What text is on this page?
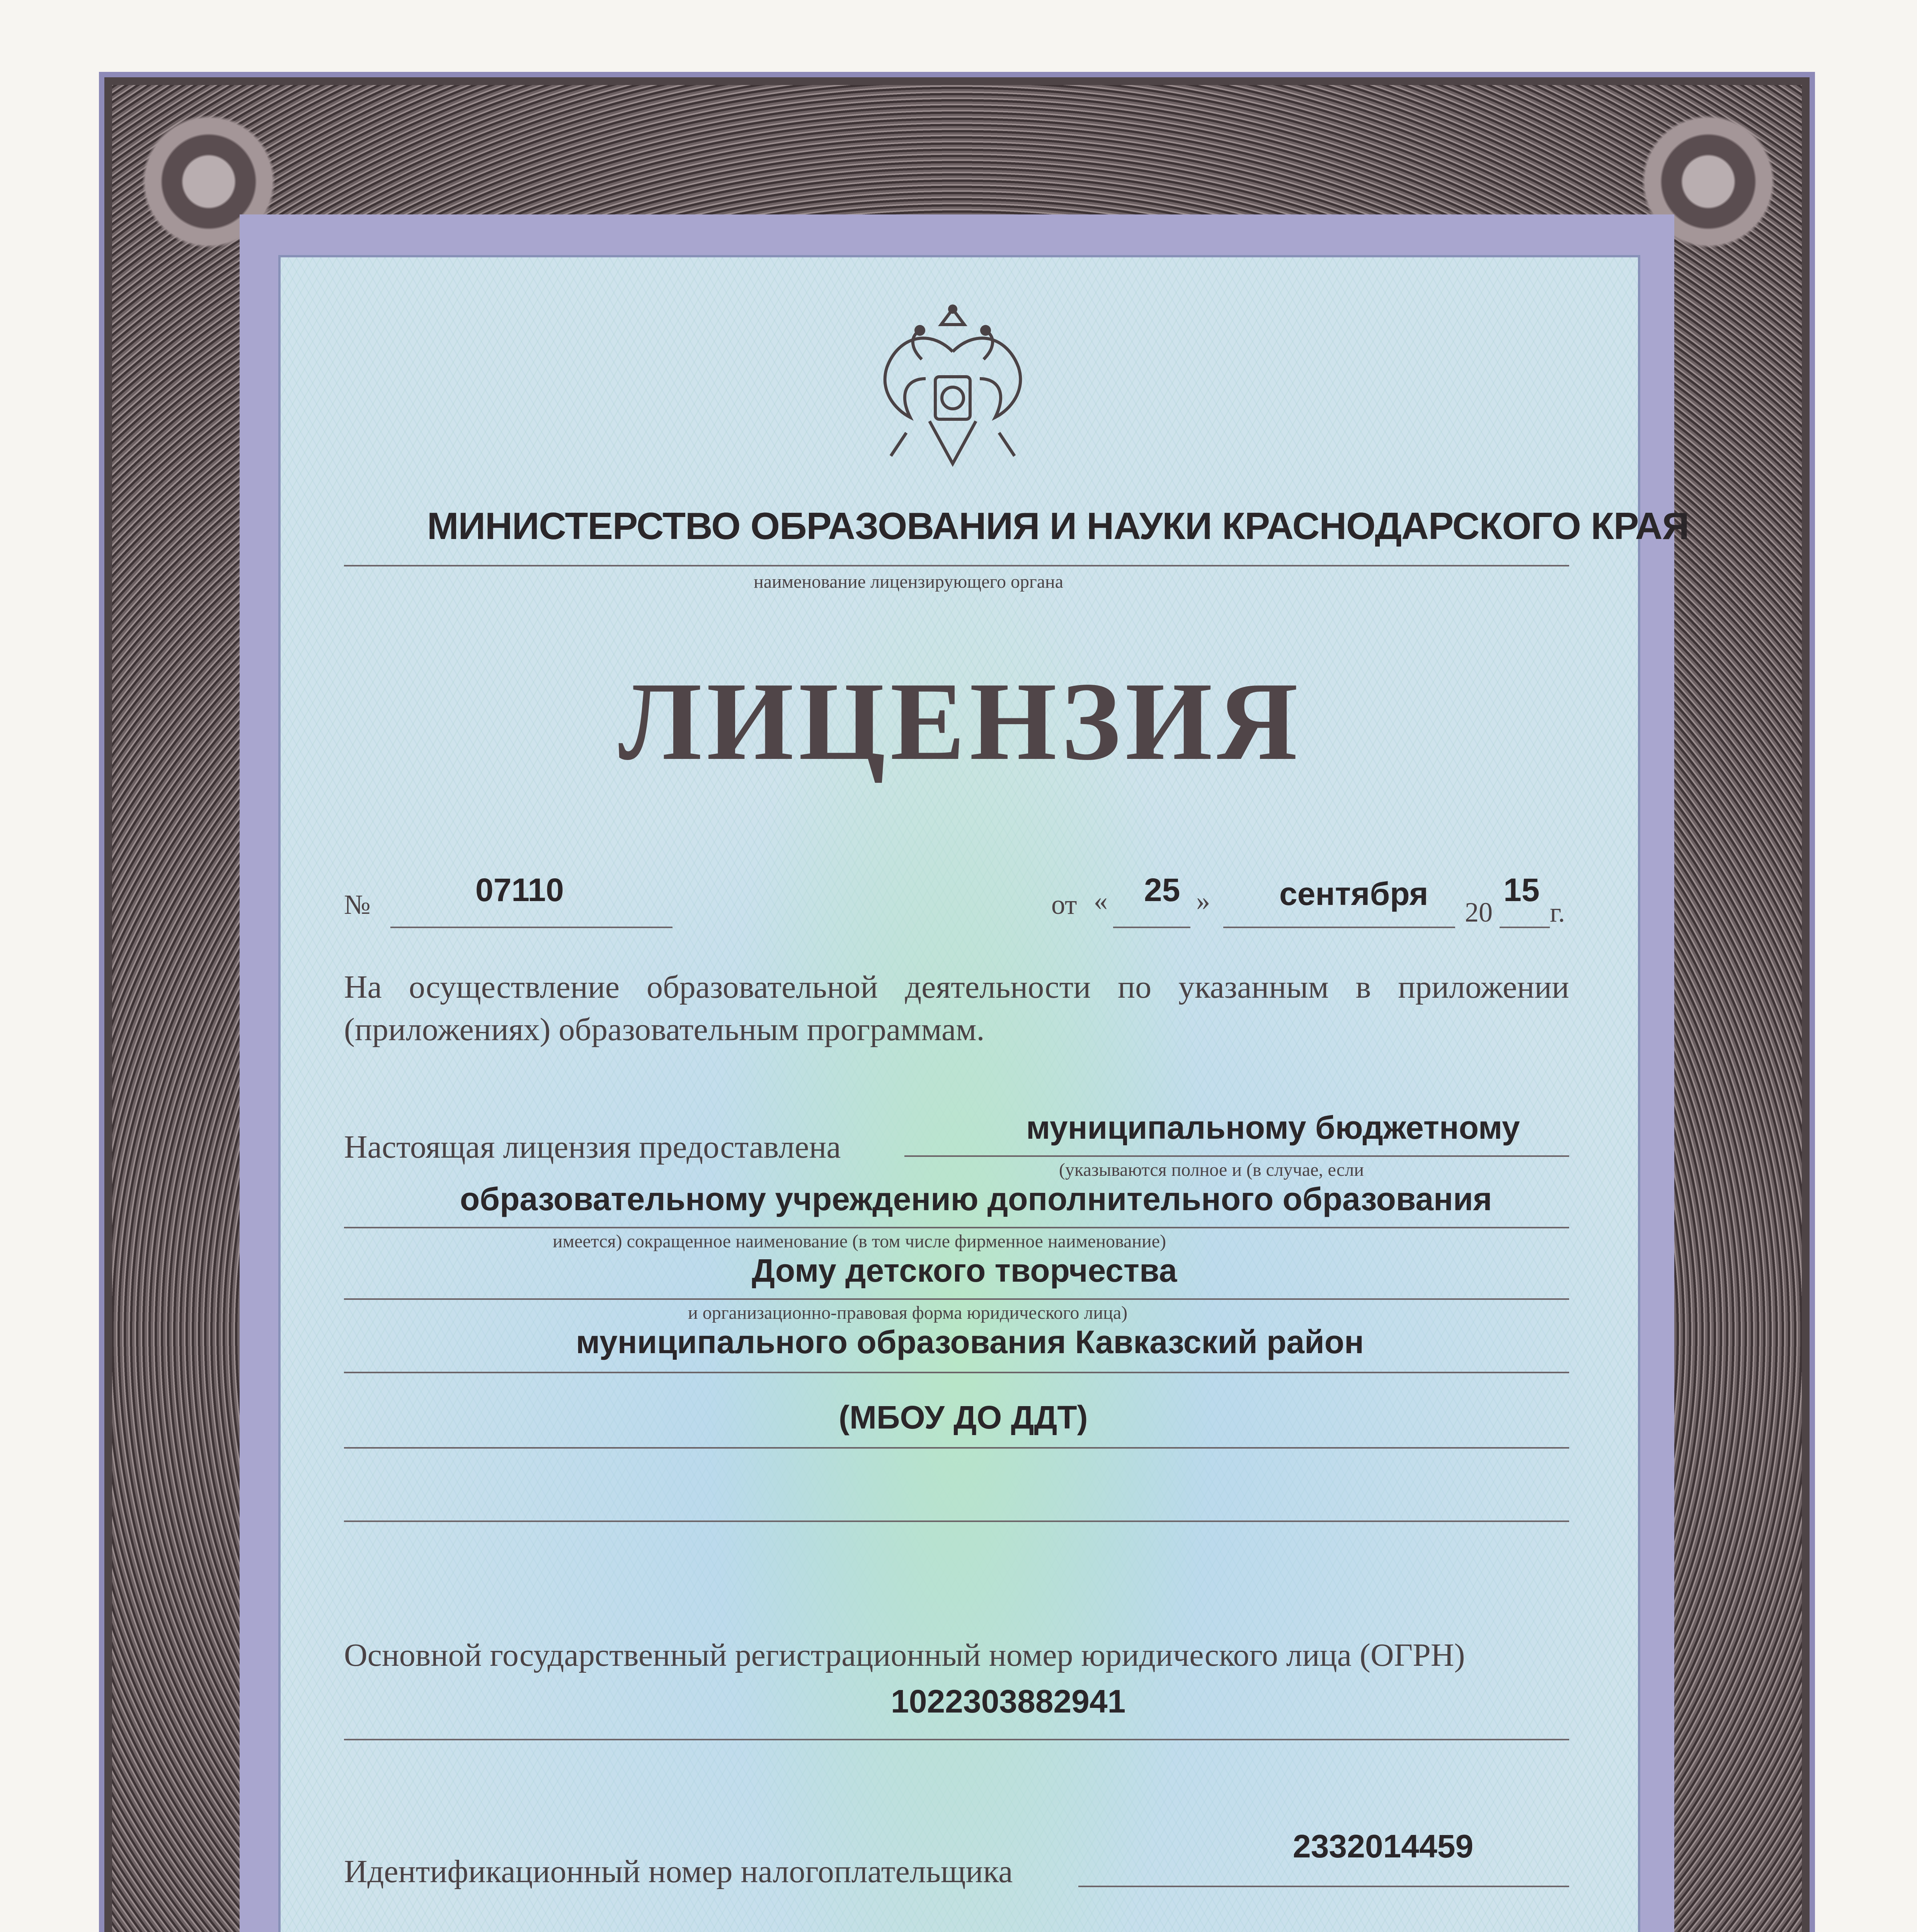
МИНИСТЕРСТВО ОБРАЗОВАНИЯ И НАУКИ КРАСНОДАРСКОГО КРАЯ
наименование лицензирующего органа
ЛИЦЕНЗИЯ
№	07110	от « 25 » сентября
20
15
г.
На осуществление образовательной деятельности по указанным в приложении (приложениях) образовательным программам.
Настоящая лицензия предоставлена
муниципальному бюджетному
(указываются полное и (в случае, если
образовательному учреждению дополнительного образования
имеется) сокращенное наименование (в том числе фирменное наименование)
Дому детского творчества
и организационно-правовая форма юридического лица)
муниципального образования Кавказский район
(МБОУ ДО ДДТ)
Основной государственный регистрационный номер юридического лица (ОГРН)
1022303882941
Идентификационный номер налогоплательщика
2332014459
